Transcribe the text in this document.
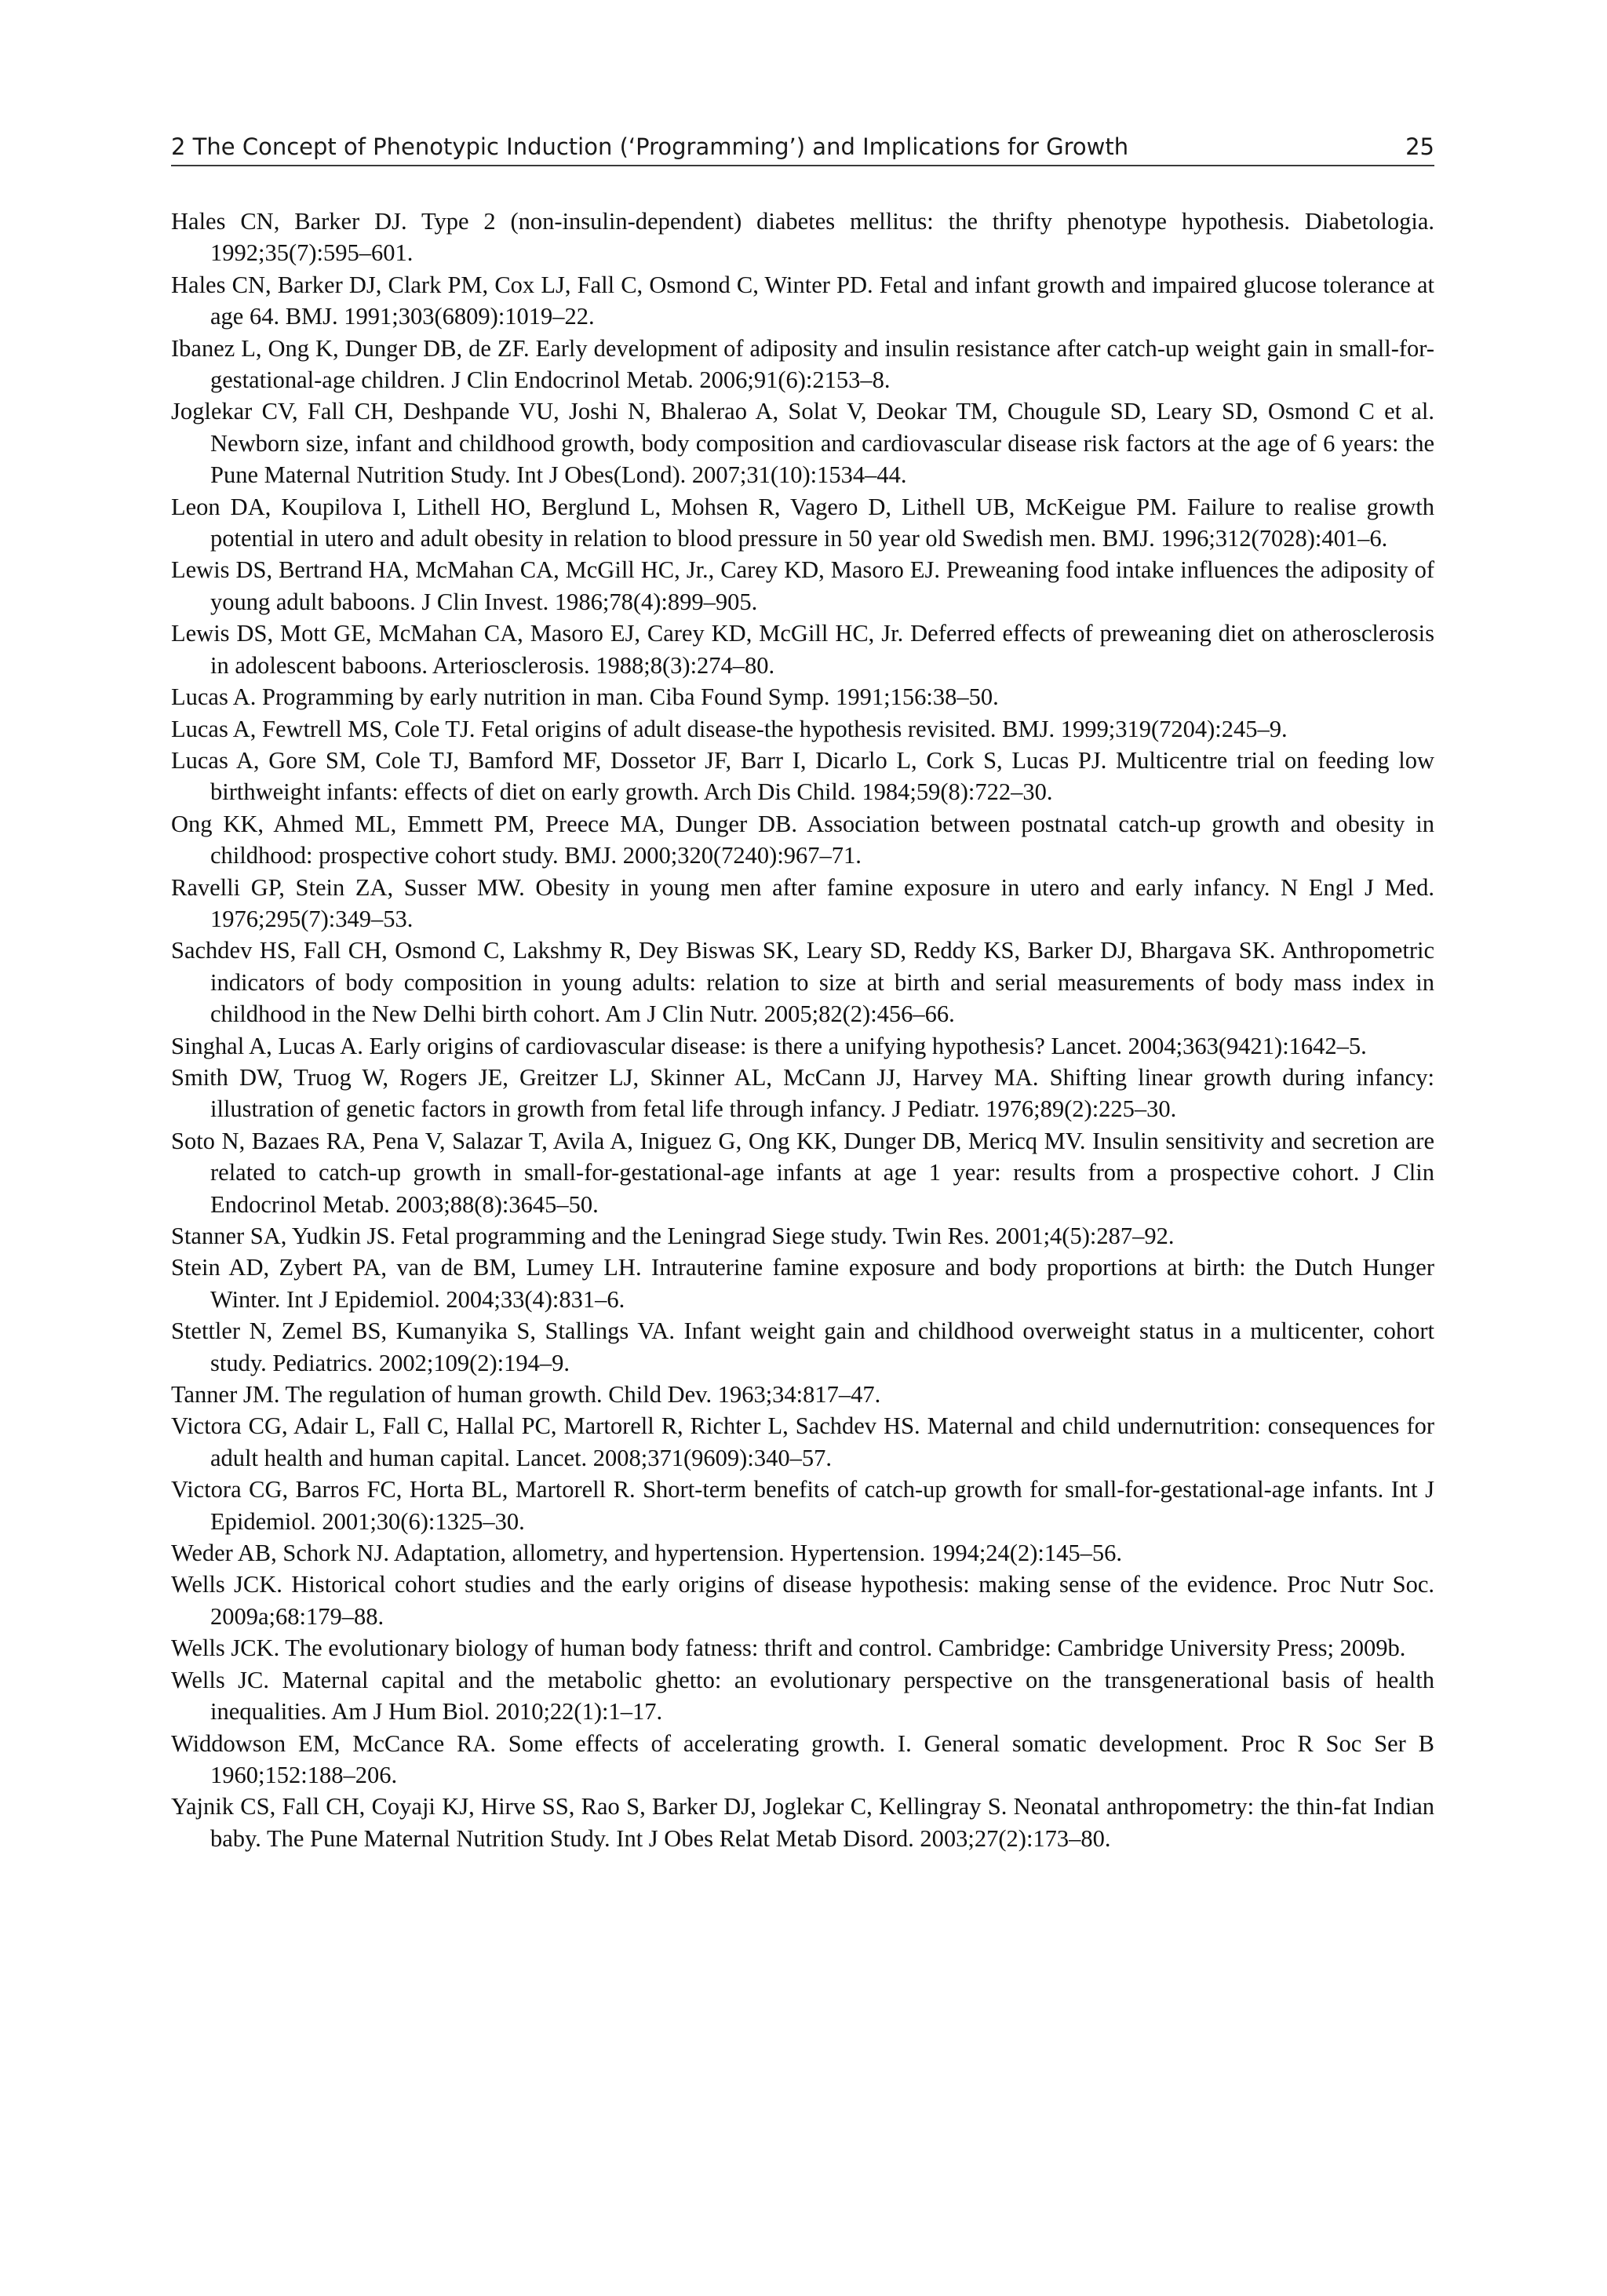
2 The Concept of Phenotypic Induction (‘Programming’) and Implications for Growth	25
Hales CN, Barker DJ. Type 2 (non-insulin-dependent) diabetes mellitus: the thrifty phenotype hypothesis. Diabetologia. 1992;35(7):595–601.
Hales CN, Barker DJ, Clark PM, Cox LJ, Fall C, Osmond C, Winter PD. Fetal and infant growth and impaired glucose tolerance at age 64. BMJ. 1991;303(6809):1019–22.
Ibanez L, Ong K, Dunger DB, de ZF. Early development of adiposity and insulin resistance after catch-up weight gain in small-for-gestational-age children. J Clin Endocrinol Metab. 2006;91(6):2153–8.
Joglekar CV, Fall CH, Deshpande VU, Joshi N, Bhalerao A, Solat V, Deokar TM, Chougule SD, Leary SD, Osmond C et al. Newborn size, infant and childhood growth, body composition and cardiovascular disease risk factors at the age of 6 years: the Pune Maternal Nutrition Study. Int J Obes(Lond). 2007;31(10):1534–44.
Leon DA, Koupilova I, Lithell HO, Berglund L, Mohsen R, Vagero D, Lithell UB, McKeigue PM. Failure to realise growth potential in utero and adult obesity in relation to blood pressure in 50 year old Swedish men. BMJ. 1996;312(7028):401–6.
Lewis DS, Bertrand HA, McMahan CA, McGill HC, Jr., Carey KD, Masoro EJ. Preweaning food intake influences the adiposity of young adult baboons. J Clin Invest. 1986;78(4):899–905.
Lewis DS, Mott GE, McMahan CA, Masoro EJ, Carey KD, McGill HC, Jr. Deferred effects of preweaning diet on atherosclerosis in adolescent baboons. Arteriosclerosis. 1988;8(3):274–80.
Lucas A. Programming by early nutrition in man. Ciba Found Symp. 1991;156:38–50.
Lucas A, Fewtrell MS, Cole TJ. Fetal origins of adult disease-the hypothesis revisited. BMJ. 1999;319(7204):245–9.
Lucas A, Gore SM, Cole TJ, Bamford MF, Dossetor JF, Barr I, Dicarlo L, Cork S, Lucas PJ. Multicentre trial on feeding low birthweight infants: effects of diet on early growth. Arch Dis Child. 1984;59(8):722–30.
Ong KK, Ahmed ML, Emmett PM, Preece MA, Dunger DB. Association between postnatal catch-up growth and obesity in childhood: prospective cohort study. BMJ. 2000;320(7240):967–71.
Ravelli GP, Stein ZA, Susser MW. Obesity in young men after famine exposure in utero and early infancy. N Engl J Med. 1976;295(7):349–53.
Sachdev HS, Fall CH, Osmond C, Lakshmy R, Dey Biswas SK, Leary SD, Reddy KS, Barker DJ, Bhargava SK. Anthropometric indicators of body composition in young adults: relation to size at birth and serial measurements of body mass index in childhood in the New Delhi birth cohort. Am J Clin Nutr. 2005;82(2):456–66.
Singhal A, Lucas A. Early origins of cardiovascular disease: is there a unifying hypothesis? Lancet. 2004;363(9421):1642–5.
Smith DW, Truog W, Rogers JE, Greitzer LJ, Skinner AL, McCann JJ, Harvey MA. Shifting linear growth during infancy: illustration of genetic factors in growth from fetal life through infancy. J Pediatr. 1976;89(2):225–30.
Soto N, Bazaes RA, Pena V, Salazar T, Avila A, Iniguez G, Ong KK, Dunger DB, Mericq MV. Insulin sensitivity and secretion are related to catch-up growth in small-for-gestational-age infants at age 1 year: results from a prospective cohort. J Clin Endocrinol Metab. 2003;88(8):3645–50.
Stanner SA, Yudkin JS. Fetal programming and the Leningrad Siege study. Twin Res. 2001;4(5):287–92.
Stein AD, Zybert PA, van de BM, Lumey LH. Intrauterine famine exposure and body proportions at birth: the Dutch Hunger Winter. Int J Epidemiol. 2004;33(4):831–6.
Stettler N, Zemel BS, Kumanyika S, Stallings VA. Infant weight gain and childhood overweight status in a multicenter, cohort study. Pediatrics. 2002;109(2):194–9.
Tanner JM. The regulation of human growth. Child Dev. 1963;34:817–47.
Victora CG, Adair L, Fall C, Hallal PC, Martorell R, Richter L, Sachdev HS. Maternal and child undernutrition: consequences for adult health and human capital. Lancet. 2008;371(9609):340–57.
Victora CG, Barros FC, Horta BL, Martorell R. Short-term benefits of catch-up growth for small-for-gestational-age infants. Int J Epidemiol. 2001;30(6):1325–30.
Weder AB, Schork NJ. Adaptation, allometry, and hypertension. Hypertension. 1994;24(2):145–56.
Wells JCK. Historical cohort studies and the early origins of disease hypothesis: making sense of the evidence. Proc Nutr Soc. 2009a;68:179–88.
Wells JCK. The evolutionary biology of human body fatness: thrift and control. Cambridge: Cambridge University Press; 2009b.
Wells JC. Maternal capital and the metabolic ghetto: an evolutionary perspective on the transgenerational basis of health inequalities. Am J Hum Biol. 2010;22(1):1–17.
Widdowson EM, McCance RA. Some effects of accelerating growth. I. General somatic development. Proc R Soc Ser B 1960;152:188–206.
Yajnik CS, Fall CH, Coyaji KJ, Hirve SS, Rao S, Barker DJ, Joglekar C, Kellingray S. Neonatal anthropometry: the thin-fat Indian baby. The Pune Maternal Nutrition Study. Int J Obes Relat Metab Disord. 2003;27(2):173–80.
